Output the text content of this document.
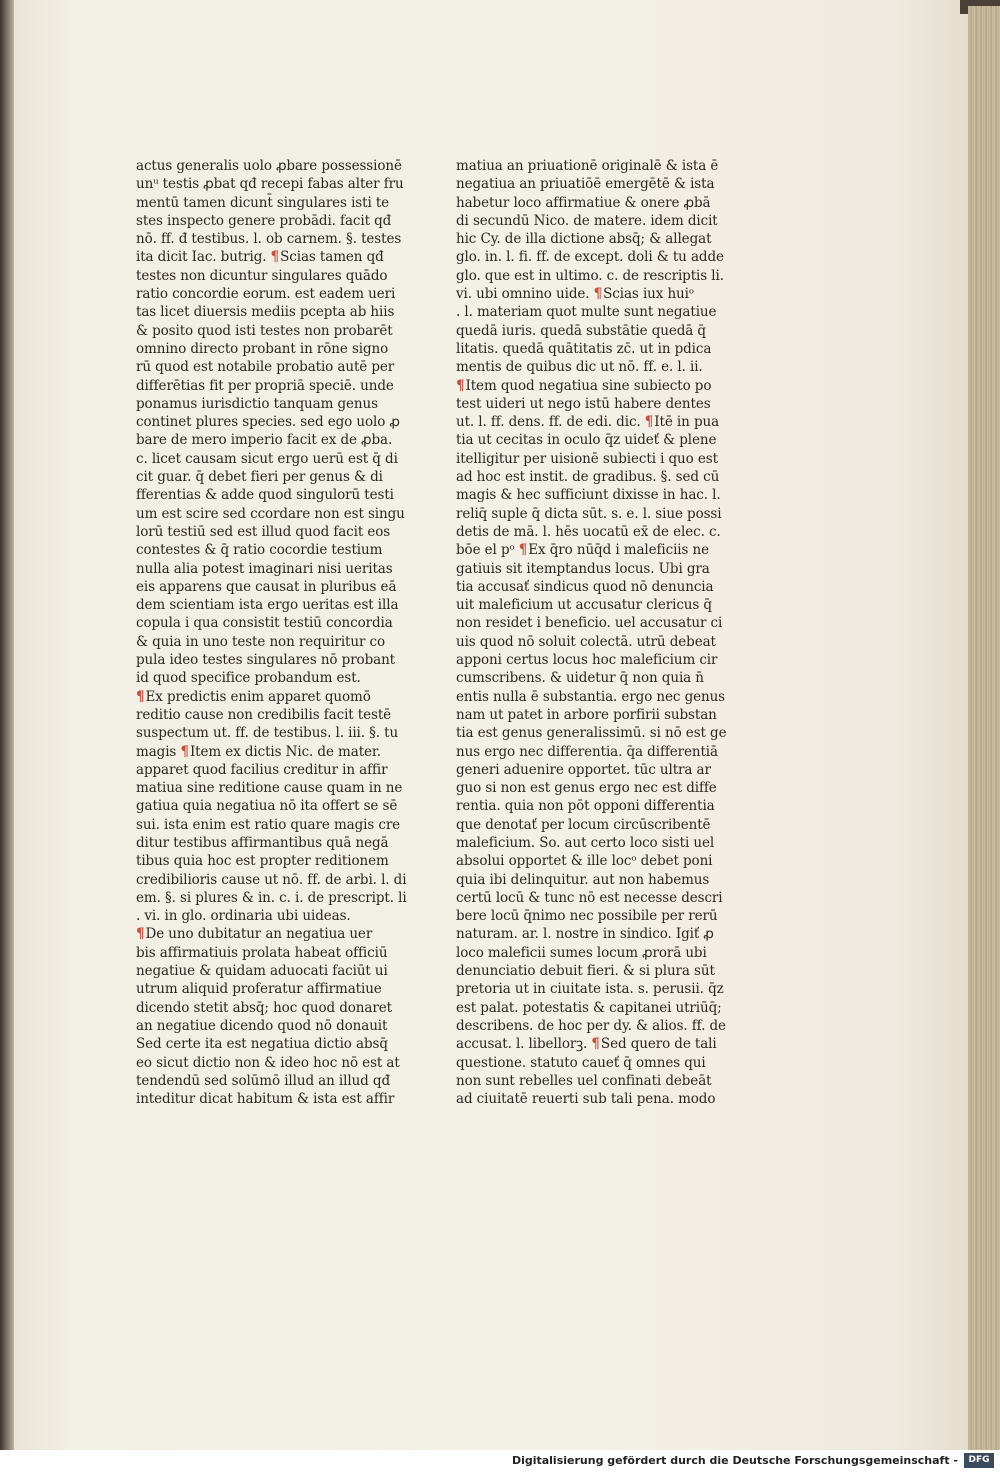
actus generalis uolo ꝓbare possessionē
unᵘ testis ꝓbat qđ recepi fabas alter fru
mentū tamen dicunt̄ singulares isti te
stes inspecto genere probādi. facit qđ
nō. ff. đ testibus. l. ob carnem. §. testes
ita dicit Iac. butrig. ¶Scias tamen qđ
testes non dicuntur singulares quādo
ratio concordie eorum. est eadem ueri
tas licet diuersis mediis pcepta ab hiis
& posito quod isti testes non probarēt
omnino directo probant in rōne signo
rū quod est notabile probatio autē per
differētias fit per propriā speciē. unde
ponamus iurisdictio tanquam genus
continet plures species. sed ego uolo ꝓ
bare de mero imperio facit ex de ꝓba.
c. licet causam sicut ergo uerū est q̄ di
cit guar. q̄ debet fieri per genus & di
fferentias & adde quod singulorū testi
um est scire sed ccordare non est singu
lorū testiū sed est illud quod facit eos
contestes & q̄ ratio cocordie testium
nulla alia potest imaginari nisi ueritas
eis apparens que causat in pluribus eā
dem scientiam ista ergo ueritas est illa
copula i qua consistit testiū concordia
& quia in uno teste non requiritur co
pula ideo testes singulares nō probant
id quod specifice probandum est.
¶Ex predictis enim apparet quomō
reditio cause non credibilis facit testē
suspectum ut. ff. de testibus. l. iii. §. tu
magis ¶Item ex dictis Nic. de mater.
apparet quod facilius creditur in affir
matiua sine reditione cause quam in ne
gatiua quia negatiua nō ita offert se sē
sui. ista enim est ratio quare magis cre
ditur testibus affirmantibus quā negā
tibus quia hoc est propter reditionem
credibilioris cause ut nō. ff. de arbi. l. di
em. §. si plures & in. c. i. de prescript. li
. vi. in glo. ordinaria ubi uideas.
¶De uno dubitatur an negatiua uer
bis affirmatiuis prolata habeat officiū
negatiue & quidam aduocati faciūt ui
utrum aliquid proferatur affirmatiue
dicendo stetit absq̄; hoc quod donaret
an negatiue dicendo quod nō donauit
Sed certe ita est negatiua dictio absq̄
eo sicut dictio non & ideo hoc nō est at
tendendū sed solūmō illud an illud qđ
inteditur dicat habitum & ista est affir
matiua an priuationē originalē & ista ē
negatiua an priuatiōē emergētē & ista
habetur loco affirmatiue & onere ꝓbā
di secundū Nico. de matere. idem dicit
hic Cy. de illa dictione absq̄; & allegat
glo. in. l. fi. ff. de except. doli & tu adde
glo. que est in ultimo. c. de rescriptis li.
vi. ubi omnino uide. ¶Scias iux huiᵒ
. l. materiam quot multe sunt negatiue
quedā iuris. quedā substātie quedā q̄
litatis. quedā quātitatis zc̄. ut in pdica
mentis de quibus dic ut nō. ff. e. l. ii.
¶Item quod negatiua sine subiecto po
test uideri ut nego istū habere dentes
ut. l. ff. dens. ff. de edi. dic. ¶Itē in pua
tia ut cecitas in oculo q̄z uideť & plene
itelligitur per uisionē subiecti i quo est
ad hoc est instit. de gradibus. §. sed cū
magis & hec sufficiunt dixisse in hac. l.
reliq̄ suple q̄ dicta sūt. s. e. l. siue possi
detis de mā. l. hēs uocatū ex̄ de elec. c.
bōe el pᵒ ¶Ex q̄ro nūq̄d i maleficiis ne
gatiuis sit itemptandus locus. Ubi gra
tia accusať sindicus quod nō denuncia
uit maleficium ut accusatur clericus q̄
non residet i beneficio. uel accusatur ci
uis quod nō soluit colectā. utrū debeat
apponi certus locus hoc maleficium cir
cumscribens. & uidetur q̄ non quia n̄
entis nulla ē substantia. ergo nec genus
nam ut patet in arbore porfirii substan
tia est genus generalissimū. si nō est ge
nus ergo nec differentia. q̄a differentiā
generi aduenire opportet. tūc ultra ar
guo si non est genus ergo nec est diffe
rentia. quia non pōt opponi differentia
que denotať per locum circūscribentē
maleficium. So. aut certo loco sisti uel
absolui opportet & ille locᵒ debet poni
quia ibi delinquitur. aut non habemus
certū locū & tunc nō est necesse descri
bere locū q̄nimo nec possibile per rerū
naturam. ar. l. nostre in sindico. Igiť ꝓ
loco maleficii sumes locum ꝓrorā ubi
denunciatio debuit fieri. & si plura sūt
pretoria ut in ciuitate ista. s. perusii. q̄z
est palat. potestatis & capitanei utriūq̄;
describens. de hoc per dy. & alios. ff. de
accusat. l. libellorꝫ. ¶Sed quero de tali
questione. statuto caueť q̄ omnes qui
non sunt rebelles uel confinati debeāt
ad ciuitatē reuerti sub tali pena. modo
Digitalisierung gefördert durch die Deutsche Forschungsgemeinschaft -	DFG
